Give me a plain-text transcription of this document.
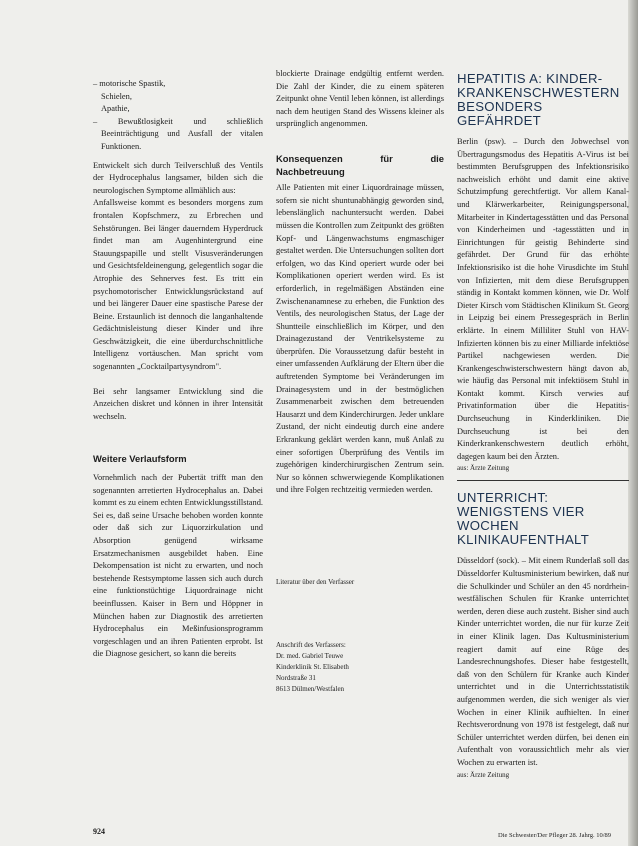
– motorische Spastik,

Schielen,

Apathie,

– Bewußtlosigkeit und schließlich Beeinträchtigung und Ausfall der vitalen Funktionen.

Entwickelt sich durch Teilverschluß des Ventils der Hydrocephalus langsamer, bilden sich die neurologischen Symptome allmählich aus:

Anfallsweise kommt es besonders morgens zum frontalen Kopfschmerz, zu Erbrechen und Sehstörungen. Bei länger dauerndem Hyperdruck findet man am Augenhintergrund eine Stauungspapille und stellt Visusveränderungen und Gesichtsfeldeinengung, gelegentlich sogar die Atrophie des Sehnerves fest. Es tritt ein psychomotorischer Entwicklungsrückstand auf und bei längerer Dauer eine spastische Parese der Beine. Erstaunlich ist dennoch die langanhaltende Gedächtnisleistung dieser Kinder und ihre Geschwätzigkeit, die eine überdurchschnittliche Intelligenz vortäuschen. Man spricht vom sogenannten „Cocktailpartysyndrom".

Bei sehr langsamer Entwicklung sind die Anzeichen diskret und können in ihrer Intensität wechseln.

Weitere Verlaufsform

Vornehmlich nach der Pubertät trifft man den sogenannten arretierten Hydrocephalus an. Dabei kommt es zu einem echten Entwicklungsstillstand. Sei es, daß seine Ursache behoben worden konnte oder daß sich zur Liquorzirkulation und Absorption genügend wirksame Ersatzmechanismen ausgebildet haben. Eine Dekompensation ist nicht zu erwarten, und noch bestehende Restsymptome lassen sich auch durch eine funktionstüchtige Liquordrainage nicht beeinflussen. Kaiser in Bern und Höppner in München haben zur Diagnostik des arretierten Hydrocephalus ein Meßinfusionsprogramm vorgeschlagen und an ihren Patienten erprobt. Ist die Diagnose gesichert, so kann die bereits

blockierte Drainage endgültig entfernt werden. Die Zahl der Kinder, die zu einem späteren Zeitpunkt ohne Ventil leben können, ist allerdings nach dem heutigen Stand des Wissens kleiner als ursprünglich angenommen.

Konsequenzen für die Nachbetreuung

Alle Patienten mit einer Liquordrainage müssen, sofern sie nicht shuntunabhängig geworden sind, lebenslänglich nachuntersucht werden. Dabei müssen die Kontrollen zum Zeitpunkt des größten Kopf- und Längenwachstums engmaschiger gestaltet werden. Die Untersuchungen sollten dort erfolgen, wo das Kind operiert wurde oder bei Komplikationen operiert werden wird. Es ist erforderlich, in regelmäßigen Abständen eine Zwischenanamnese zu erheben, die Funktion des Ventils, des neurologischen Status, der Lage der Shuntteile einschließlich im Körper, und den Drainagezustand der Ventrikelsysteme zu überprüfen. Die Voraussetzung dafür besteht in einer umfassenden Aufklärung der Eltern über die auftretenden Symptome bei Veränderungen im Drainagesystem und in der bestmöglichen Zusammenarbeit zwischen dem betreuenden Hausarzt und dem Kinderchirurgen. Jeder unklare Zustand, der nicht eindeutig durch eine andere Erkrankung geklärt werden kann, muß Anlaß zu einer sofortigen Überprüfung des Ventils im zugehörigen kinderchirurgischen Zentrum sein. Nur so können schwerwiegende Komplikationen und ihre Folgen rechtzeitig vermieden werden.

Literatur über den Verfasser

Anschrift des Verfassers:

Dr. med. Gabriel Teuwe

Kinderklinik St. Elisabeth

Nordstraße 31

8613 Dülmen/Westfalen

HEPATITIS A: KINDER-KRANKENSCHWESTERN BESONDERS GEFÄHRDET

Berlin (psw). – Durch den Jobwechsel von Übertragungsmodus des Hepatitis A-Virus ist bei bestimmten Berufsgruppen des Infektionsrisiko nachweislich erhöht und damit eine aktive Schutzimpfung gerechtfertigt. Vor allem Kanal- und Klärwerkarbeiter, Reinigungspersonal, Mitarbeiter in Kindertagesstätten und das Personal von Kinderheimen und -tagesstätten und in Einrichtungen für geistig Behinderte sind gefährdet. Der Grund für das erhöhte Infektionsrisiko ist die hohe Virusdichte im Stuhl von Infizierten, mit dem diese Berufsgruppen ständig in Kontakt kommen können, wie Dr. Wolf Dieter Kirsch vom Städtischen Klinikum St. Georg in Leipzig bei einem Pressegespräch in Berlin erklärte. In einem Milliliter Stuhl von HAV-Infizierten können bis zu einer Milliarde infektiöse Partikel nachgewiesen werden. Die Krankengeschwisterschwestern hängt davon ab, wie häufig das Personal mit infektiösem Stuhl in Kontakt kommt. Kirsch verwies auf Privatinformation über die Hepatitis-Durchseuchung in Kinderkliniken. Die Durchseuchung ist bei den Kinderkrankenschwestern deutlich erhöht, dagegen kaum bei den Ärzten.

aus: Ärzte Zeitung

UNTERRICHT: WENIGSTENS VIER WOCHEN KLINIKAUFENTHALT

Düsseldorf (sock). – Mit einem Runderlaß soll das Düsseldorfer Kultusministerium bewirken, daß nur die Schulkinder und Schüler an den 45 nordrhein-westfälischen Schulen für Kranke unterrichtet werden, deren diese auch zusteht. Bisher sind auch Kinder unterrichtet worden, die nur für kurze Zeit in einer Klinik lagen. Das Kultusministerium reagiert damit auf eine Rüge des Landesrechnungshofes. Dieser habe festgestellt, daß von den Schülern für Kranke auch Kinder unterrichtet und in die Unterrichtsstatistik aufgenommen werden, die sich weniger als vier Wochen in einer Klinik aufhielten. In einer Rechtsverordnung von 1978 ist festgelegt, daß nur Schüler unterrichtet werden dürfen, bei denen ein Aufenthalt von voraussichtlich mehr als vier Wochen zu erwarten ist.

aus: Ärzte Zeitung

924	Die Schwester/Der Pfleger 28. Jahrg. 10/89
